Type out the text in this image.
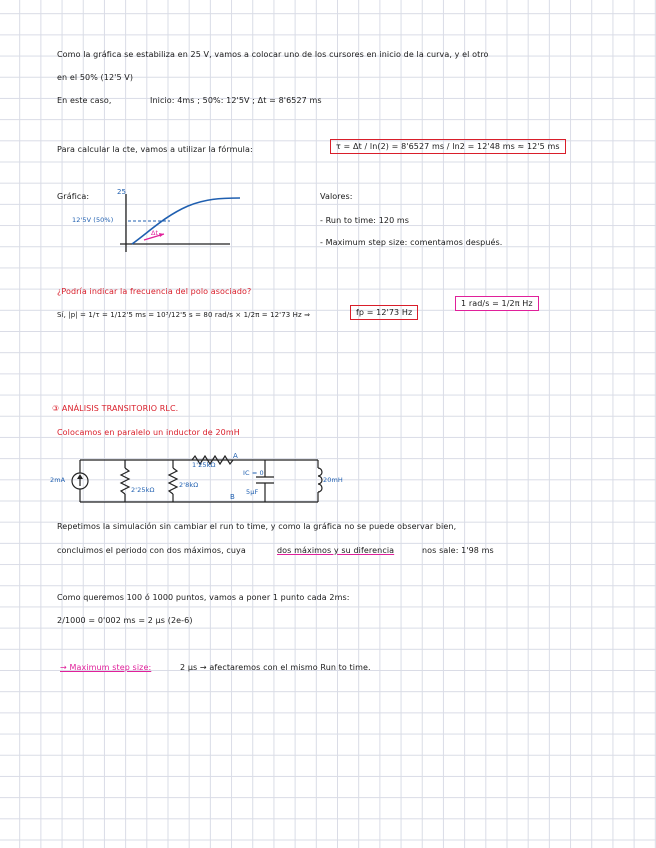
Como la gráfica se estabiliza en 25 V, vamos a colocar uno de los cursores en inicio de la curva, y el otro
en el 50% (12'5 V)
En este caso,	Inicio: 4ms ; 50%: 12'5V ; Δt = 8'6527 ms
Para calcular la cte, vamos a utilizar la fórmula:	τ = Δt / ln(2) = 8'6527 ms / ln2 = 12'48 ms ≈ 12'5 ms
Gráfica:	25
12'5V (50%)
Δt
Valores:
- Run to time: 120 ms
- Maximum step size: comentamos después.
¿Podría indicar la frecuencia del polo asociado?
1 rad/s = 1/2π Hz
Sí, |p| = 1/τ = 1/12'5 ms = 10³/12'5 s = 80 rad/s × 1/2π = 12'73 Hz ⇒	fp = 12'73 Hz
③ ANÁLISIS TRANSITORIO RLC.
Colocamos en paralelo un inductor de 20mH
2mA
2'25kΩ
2'8kΩ
1'25kΩ
A
B
IC = 0
5μF
20mH
Repetimos la simulación sin cambiar el run to time, y como la gráfica no se puede observar bien,
concluimos el periodo con dos máximos, cuya	dos máximos y su diferencia	nos sale: 1'98 ms
Como queremos 100 ó 1000 puntos, vamos a poner 1 punto cada 2ms:
2/1000 = 0'002 ms = 2 μs (2e-6)
→ Maximum step size:	2 μs → afectaremos con el mismo Run to time.
